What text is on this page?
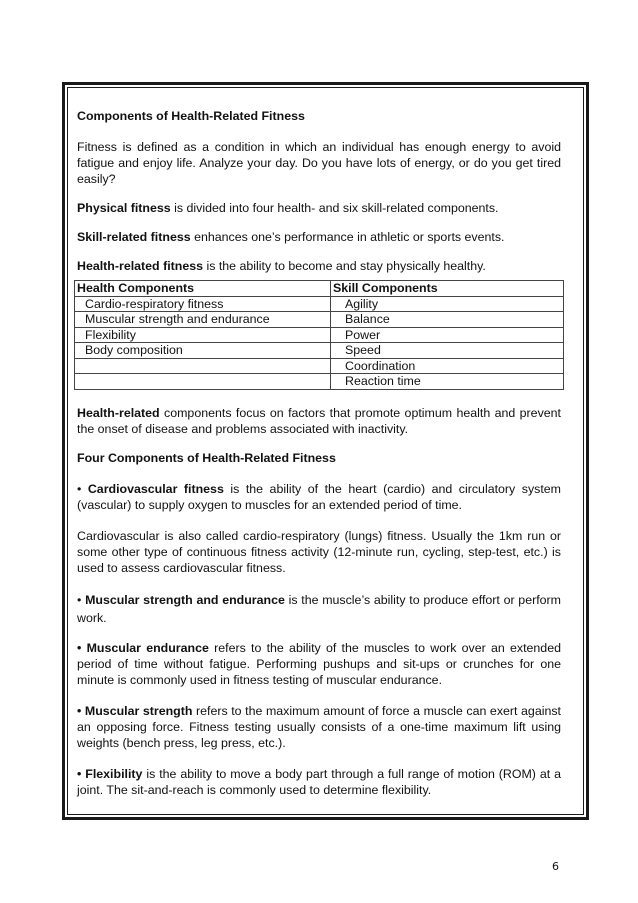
Components of Health-Related Fitness

Fitness is defined as a condition in which an individual has enough energy to avoid fatigue and enjoy life. Analyze your day. Do you have lots of energy, or do you get tired easily?

Physical fitness is divided into four health- and six skill-related components.

Skill-related fitness enhances one’s performance in athletic or sports events.

Health-related fitness is the ability to become and stay physically healthy.

Health Components	Skill Components
Cardio-respiratory fitness	Agility
Muscular strength and endurance	Balance
Flexibility	Power
Body composition	Speed
	Coordination
	Reaction time

Health-related components focus on factors that promote optimum health and prevent the onset of disease and problems associated with inactivity.

Four Components of Health-Related Fitness

• Cardiovascular fitness is the ability of the heart (cardio) and circulatory system (vascular) to supply oxygen to muscles for an extended period of time.

Cardiovascular is also called cardio-respiratory (lungs) fitness. Usually the 1km run or some other type of continuous fitness activity (12-minute run, cycling, step-test, etc.) is used to assess cardiovascular fitness.

• Muscular strength and endurance is the muscle’s ability to produce effort or perform work.

• Muscular endurance refers to the ability of the muscles to work over an extended period of time without fatigue. Performing pushups and sit-ups or crunches for one minute is commonly used in fitness testing of muscular endurance.

• Muscular strength refers to the maximum amount of force a muscle can exert against an opposing force. Fitness testing usually consists of a one-time maximum lift using weights (bench press, leg press, etc.).

• Flexibility is the ability to move a body part through a full range of motion (ROM) at a joint. The sit-and-reach is commonly used to determine flexibility.

6
